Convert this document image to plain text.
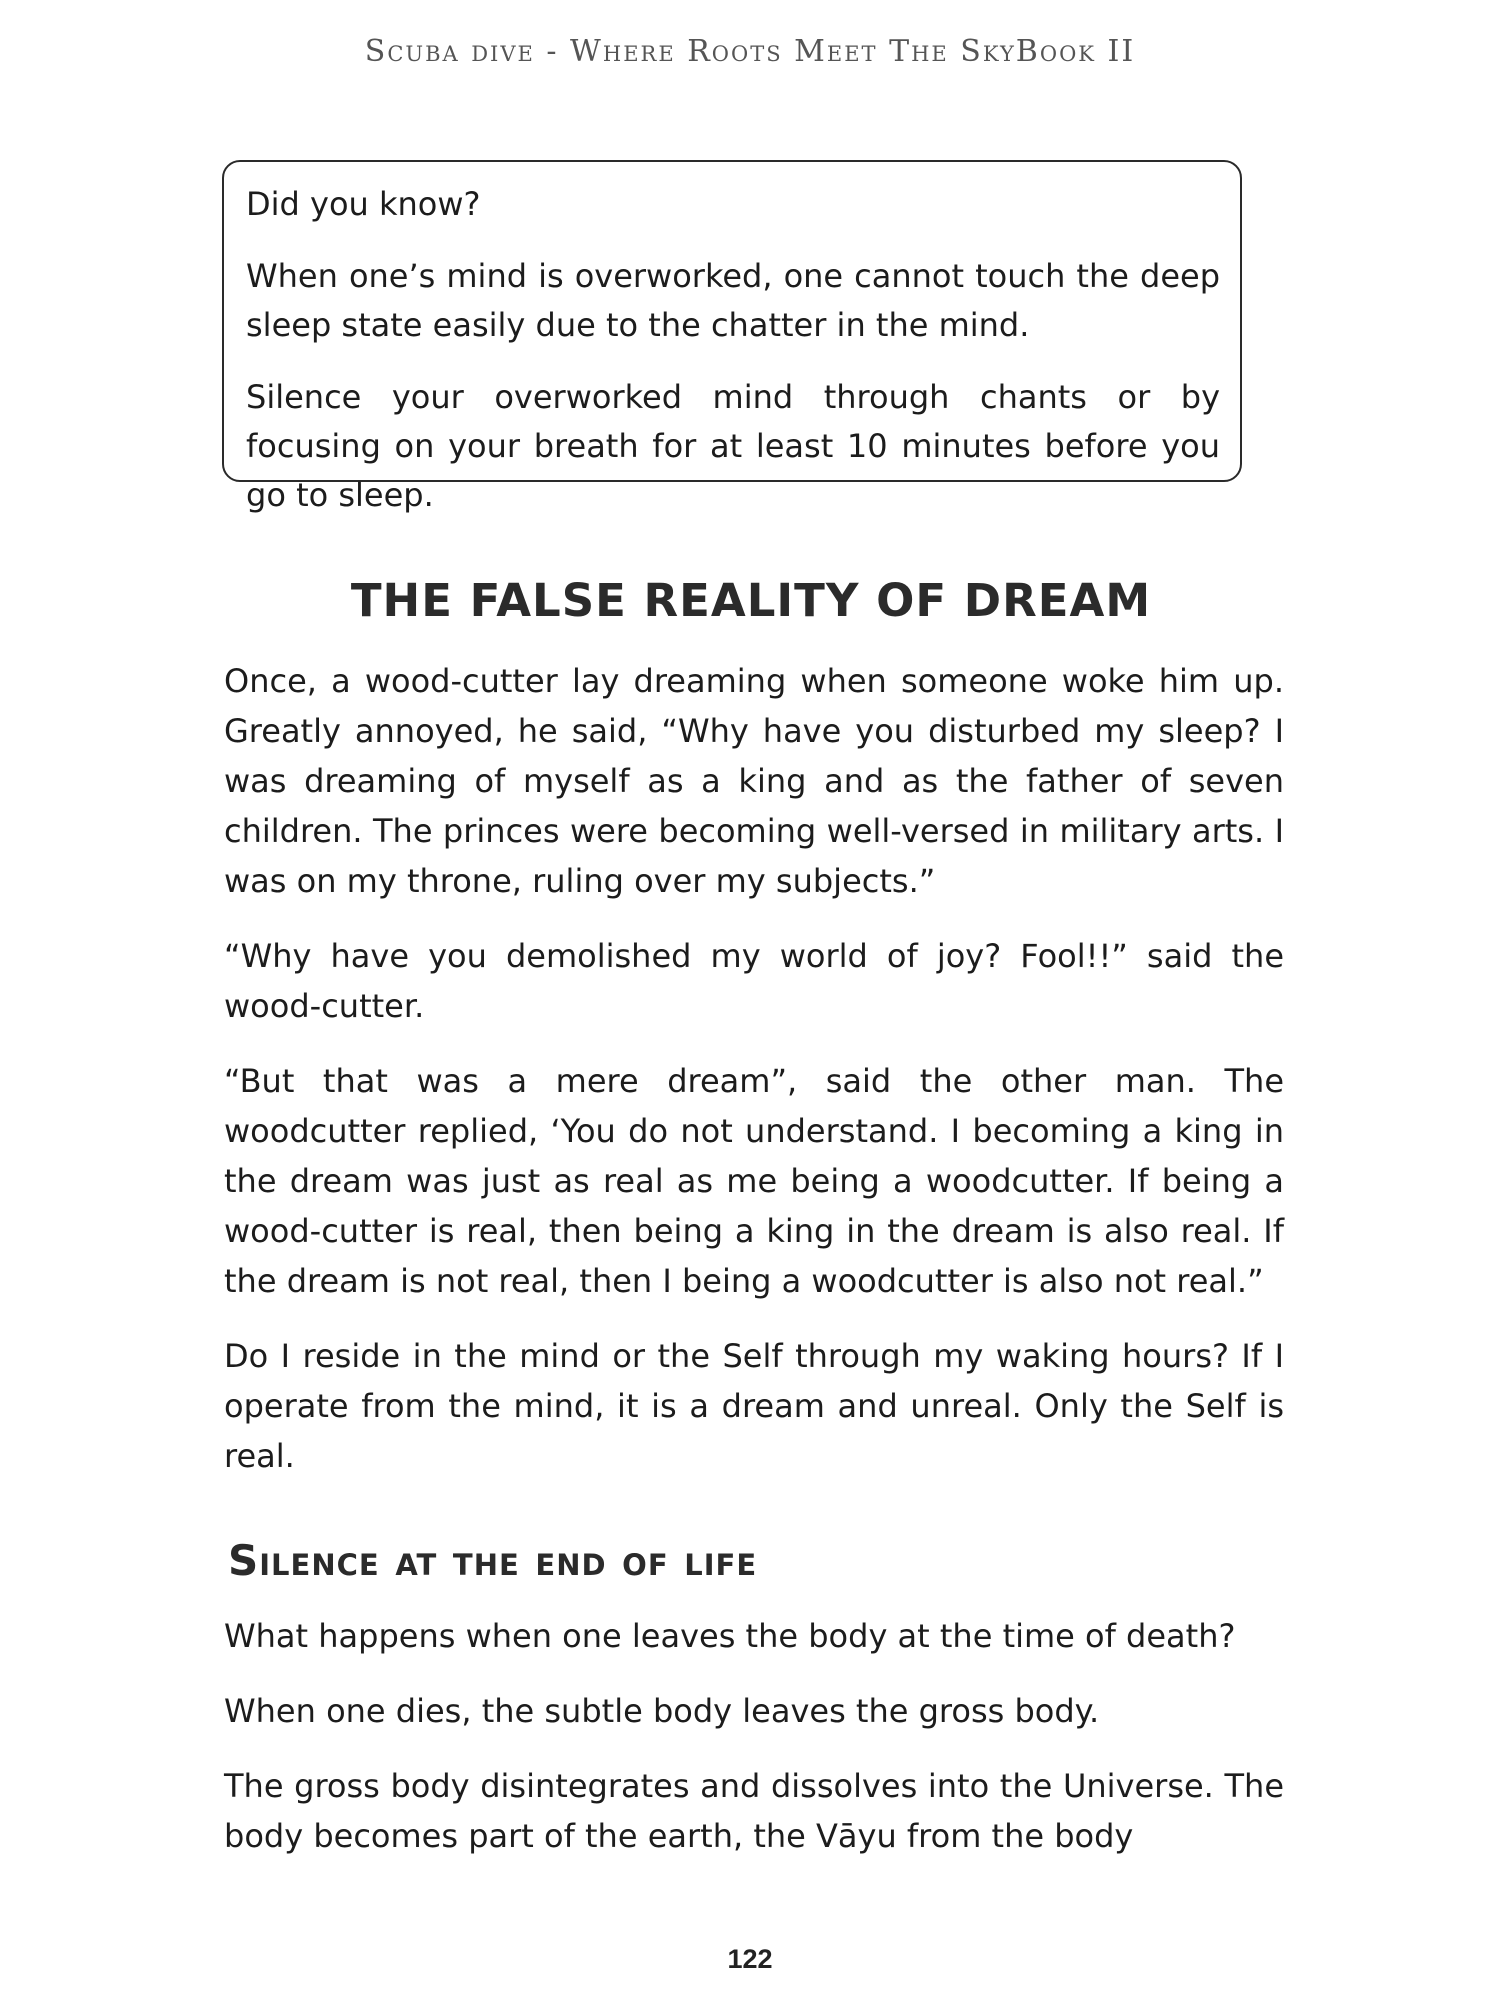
Scuba dive - Where Roots Meet The SkyBook II

Did you know?

When one’s mind is overworked, one cannot touch the deep sleep state easily due to the chatter in the mind.

Silence your overworked mind through chants or by focusing on your breath for at least 10 minutes before you go to sleep.

THE FALSE REALITY OF DREAM

Once, a wood-cutter lay dreaming when someone woke him up. Greatly annoyed, he said, “Why have you disturbed my sleep? I was dreaming of myself as a king and as the father of seven children. The princes were becoming well-versed in military arts. I was on my throne, ruling over my subjects.”

“Why have you demolished my world of joy? Fool!!” said the wood-cutter.

“But that was a mere dream”, said the other man. The woodcutter replied, ‘You do not understand. I becoming a king in the dream was just as real as me being a woodcutter. If being a wood-cutter is real, then being a king in the dream is also real. If the dream is not real, then I being a woodcutter is also not real.”

Do I reside in the mind or the Self through my waking hours? If I operate from the mind, it is a dream and unreal. Only the Self is real.

Silence at the end of life

What happens when one leaves the body at the time of death?

When one dies, the subtle body leaves the gross body.

The gross body disintegrates and dissolves into the Universe. The body becomes part of the earth, the Vāyu from the body

122
